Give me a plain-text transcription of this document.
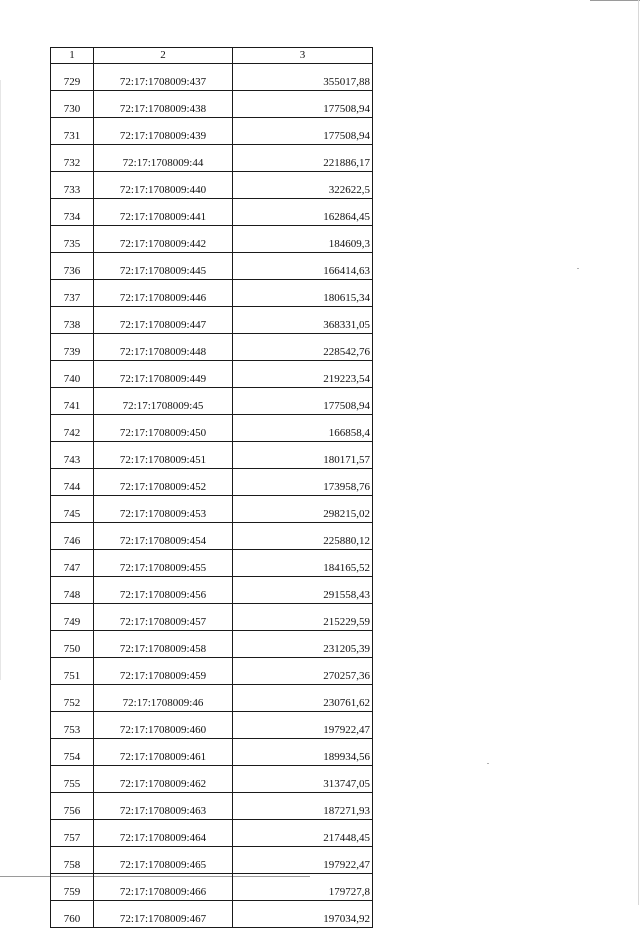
1	2	3
729	72:17:1708009:437	355017,88
730	72:17:1708009:438	177508,94
731	72:17:1708009:439	177508,94
732	72:17:1708009:44	221886,17
733	72:17:1708009:440	322622,5
734	72:17:1708009:441	162864,45
735	72:17:1708009:442	184609,3
736	72:17:1708009:445	166414,63
737	72:17:1708009:446	180615,34
738	72:17:1708009:447	368331,05
739	72:17:1708009:448	228542,76
740	72:17:1708009:449	219223,54
741	72:17:1708009:45	177508,94
742	72:17:1708009:450	166858,4
743	72:17:1708009:451	180171,57
744	72:17:1708009:452	173958,76
745	72:17:1708009:453	298215,02
746	72:17:1708009:454	225880,12
747	72:17:1708009:455	184165,52
748	72:17:1708009:456	291558,43
749	72:17:1708009:457	215229,59
750	72:17:1708009:458	231205,39
751	72:17:1708009:459	270257,36
752	72:17:1708009:46	230761,62
753	72:17:1708009:460	197922,47
754	72:17:1708009:461	189934,56
755	72:17:1708009:462	313747,05
756	72:17:1708009:463	187271,93
757	72:17:1708009:464	217448,45
758	72:17:1708009:465	197922,47
759	72:17:1708009:466	179727,8
760	72:17:1708009:467	197034,92
